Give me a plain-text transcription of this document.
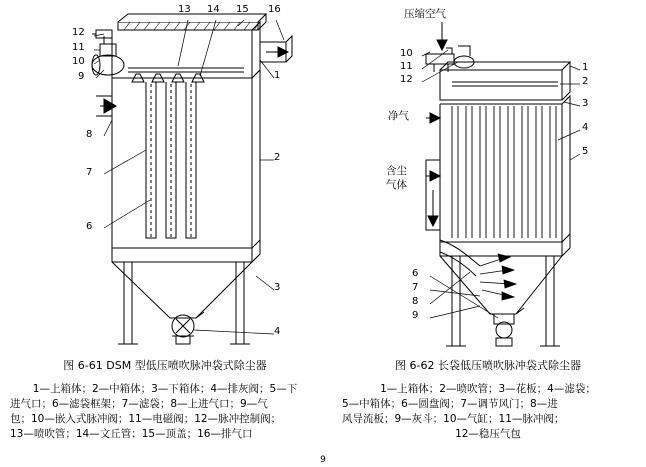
12
11
10
9
8
7
6
13 14 15 16
1
2
3
4
图 6-61 DSM 型低压喷吹脉冲袋式除尘器
1—上箱体；2—中箱体；3—下箱体；4—排灰阀；5—下
进气口；6—滤袋框架；7—滤袋；8—上进气口；9—气
包；10—嵌入式脉冲阀；11—电磁阀；12—脉冲控制阀；
13—喷吹管；14—文丘管；15—顶盖；16—排气口
压缩空气
净气
含尘
气体
10
11
12
1
2
3
4
5
6
7
8
9
图 6-62 长袋低压喷吹脉冲袋式除尘器
1—上箱体；2—喷吹管；3—花板；4—滤袋；
5—中箱体；6—圆盘阀；7—调节风门；8—进
风导流板；9—灰斗；10—气缸；11—脉冲阀；
12—稳压气包
9
